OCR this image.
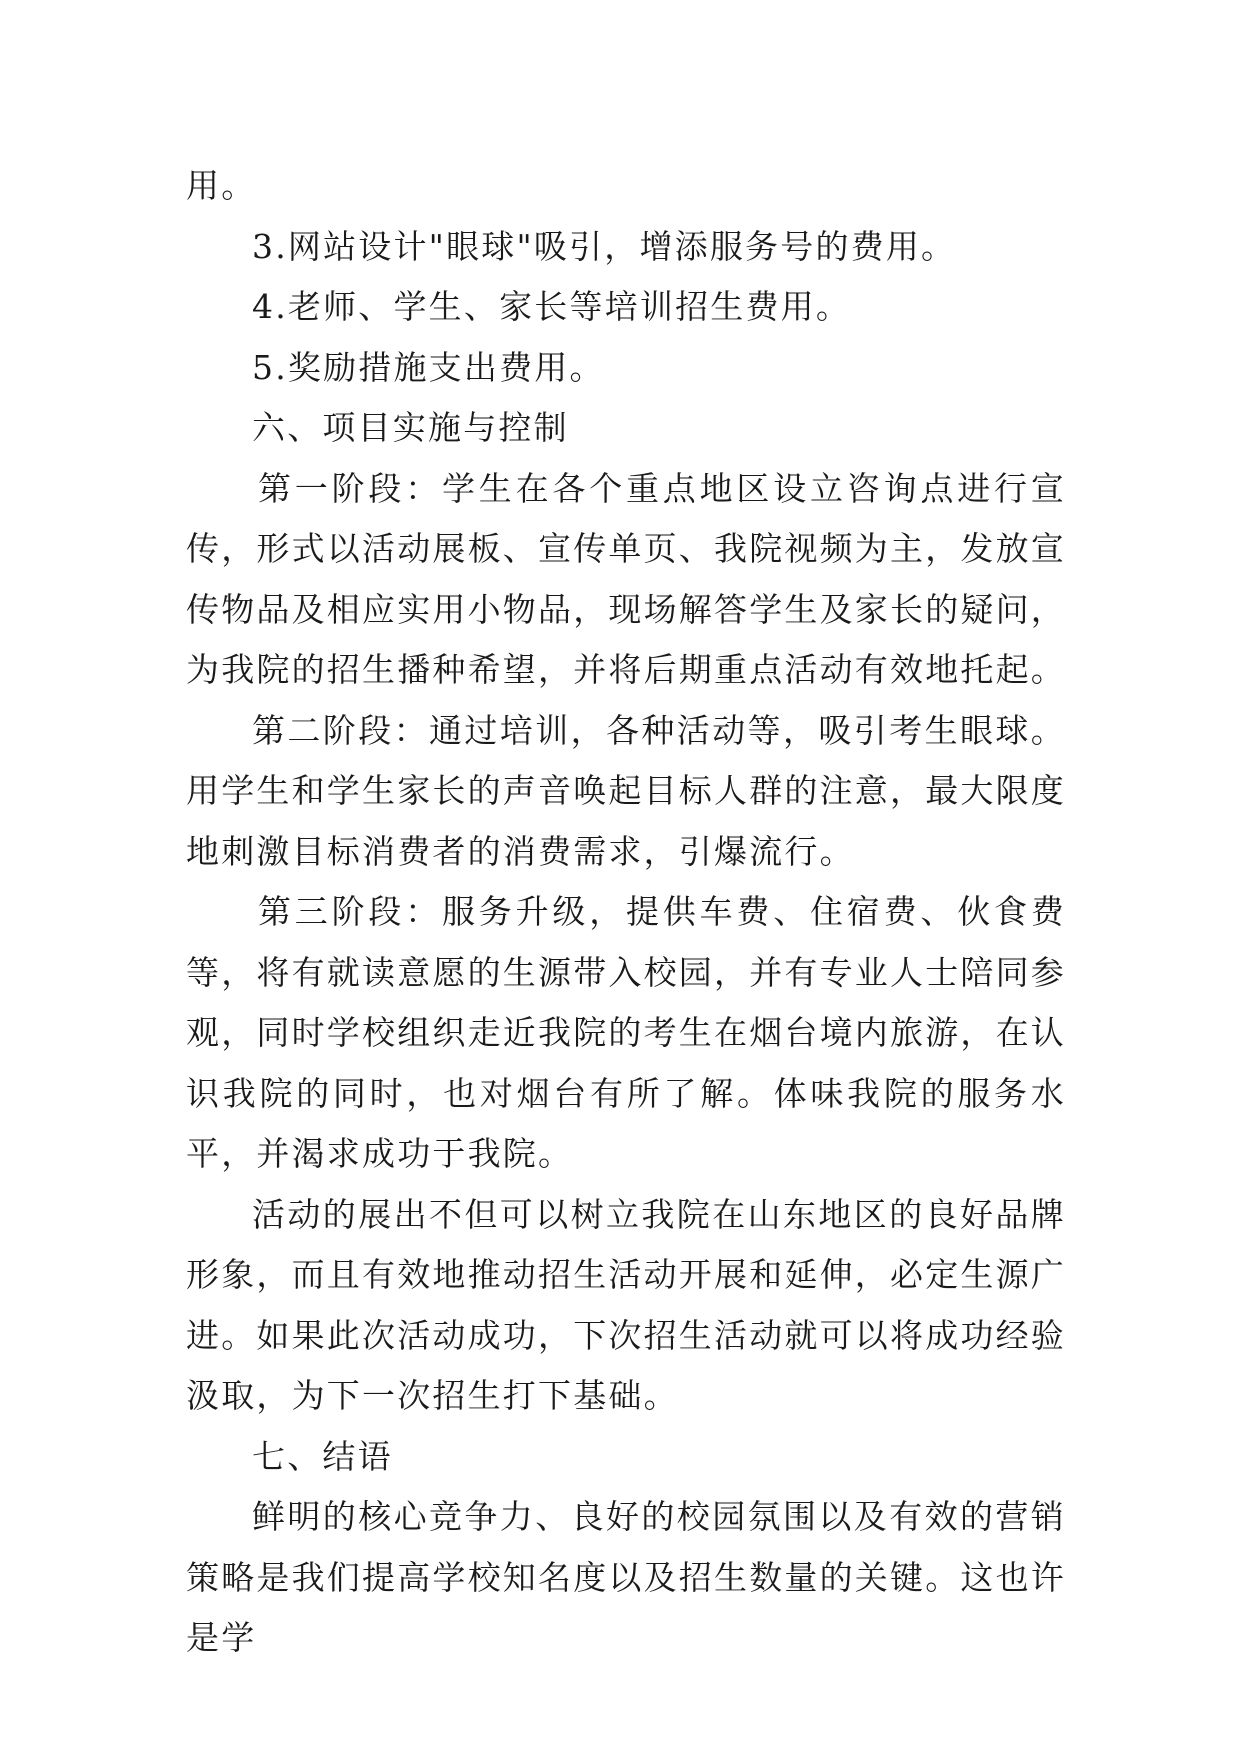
用。

3.网站设计"眼球"吸引，增添服务号的费用。

4.老师、学生、家长等培训招生费用。

5.奖励措施支出费用。

六、项目实施与控制

第一阶段：学生在各个重点地区设立咨询点进行宣传，形式以活动展板、宣传单页、我院视频为主，发放宣传物品及相应实用小物品，现场解答学生及家长的疑问，为我院的招生播种希望，并将后期重点活动有效地托起。

第二阶段：通过培训，各种活动等，吸引考生眼球。用学生和学生家长的声音唤起目标人群的注意，最大限度地刺激目标消费者的消费需求，引爆流行。

第三阶段：服务升级，提供车费、住宿费、伙食费等，将有就读意愿的生源带入校园，并有专业人士陪同参观，同时学校组织走近我院的考生在烟台境内旅游，在认识我院的同时，也对烟台有所了解。体味我院的服务水平，并渴求成功于我院。

活动的展出不但可以树立我院在山东地区的良好品牌形象，而且有效地推动招生活动开展和延伸，必定生源广进。如果此次活动成功，下次招生活动就可以将成功经验汲取，为下一次招生打下基础。

七、结语

鲜明的核心竞争力、良好的校园氛围以及有效的营销策略是我们提高学校知名度以及招生数量的关键。这也许是学
